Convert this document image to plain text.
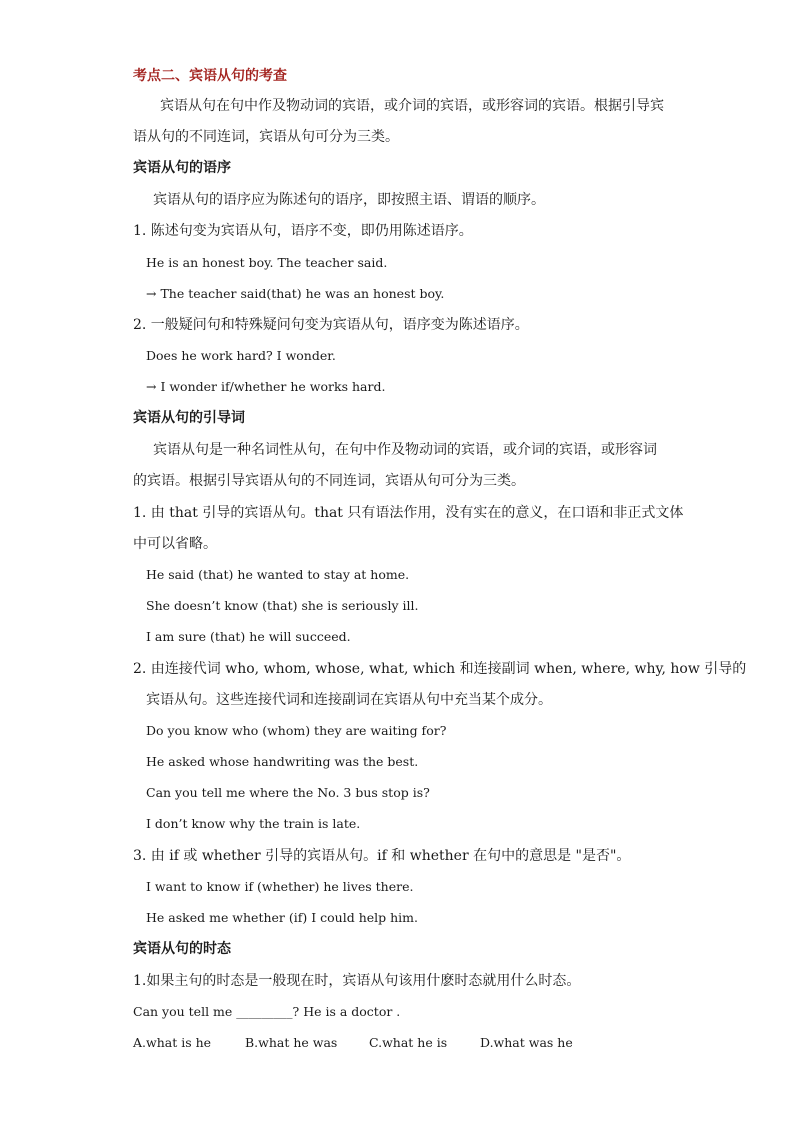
考点二、宾语从句的考查
宾语从句在句中作及物动词的宾语，或介词的宾语，或形容词的宾语。根据引导宾
语从句的不同连词，宾语从句可分为三类。
宾语从句的语序
宾语从句的语序应为陈述句的语序，即按照主语、谓语的顺序。
1. 陈述句变为宾语从句，语序不变，即仍用陈述语序。
He is an honest boy. The teacher said.
→ The teacher said(that) he was an honest boy.
2. 一般疑问句和特殊疑问句变为宾语从句，语序变为陈述语序。
Does he work hard? I wonder.
→ I wonder if/whether he works hard.
宾语从句的引导词
宾语从句是一种名词性从句，在句中作及物动词的宾语，或介词的宾语，或形容词
的宾语。根据引导宾语从句的不同连词，宾语从句可分为三类。
1. 由 that 引导的宾语从句。that 只有语法作用，没有实在的意义，在口语和非正式文体
中可以省略。
He said (that) he wanted to stay at home.
She doesn’t know (that) she is seriously ill.
I am sure (that) he will succeed.
2. 由连接代词 who, whom, whose, what, which 和连接副词 when, where, why, how 引导的
宾语从句。这些连接代词和连接副词在宾语从句中充当某个成分。
Do you know who (whom) they are waiting for?
He asked whose handwriting was the best.
Can you tell me where the No. 3 bus stop is?
I don’t know why the train is late.
3. 由 if 或 whether 引导的宾语从句。if 和 whether 在句中的意思是 "是否"。
I want to know if (whether) he lives there.
He asked me whether (if) I could help him.
宾语从句的时态
1.如果主句的时态是一般现在时，宾语从句该用什麽时态就用什么时态。
Can you tell me _________? He is a doctor .
A.what is he	B.what he was	C.what he is	D.what was he
